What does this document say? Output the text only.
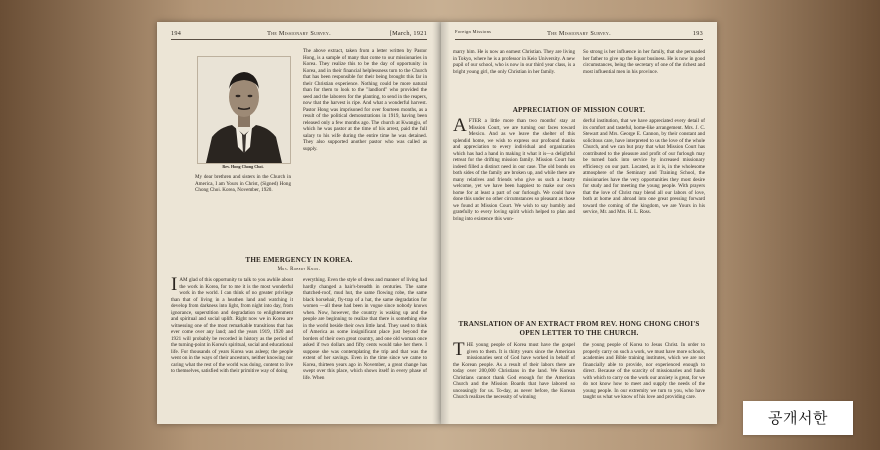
194	The Missionary Survey.	[March, 1921
Rev. Hong Chong Choi.
My dear brethren and sisters in the Church in America, I am Yours in Christ, (Signed) Hong Chong Choi. Korea, November, 1920.
The above extract, taken from a letter written by Pastor Hong, is a sample of many that come to our missionaries in Korea. They realize this to be the day of opportunity in Korea, and in their financial helplessness turn to the Church that has been responsible for their being brought this far in their Christian experience. Nothing could be more natural than for them to look to the "landlord" who provided the seed and the laborers for the planting, to send in the reapers, now that the harvest is ripe. And what a wonderful harvest. Pastor Hong was imprisoned for over fourteen months, as a result of the political demonstrations in 1919, having been released only a few months ago. The church at Kwangju, of which he was pastor at the time of his arrest, paid the full salary to his wife during the entire time he was detained. They also supported another pastor who was called as supply.
THE EMERGENCY IN KOREA.
Mrs. Robert Knox.
IAM glad of this opportunity to talk to you awhile about the work in Korea, for to me it is the most wonderful work in the world. I can think of no greater privilege than that of living in a heathen land and watching it develop from darkness into light, from night into day, from ignorance, superstition and degradation to enlightenment and spiritual and social uplift. Right now we in Korea are witnessing one of the most remarkable transitions that has ever come over any land; and the years 1919, 1920 and 1921 will probably be recorded in history as the period of the turning-point in Korea's spiritual, social and educational life. For thousands of years Korea was asleep; the people went on in the ways of their ancestors, neither knowing nor caring what the rest of the world was doing, content to live to themselves, satisfied with their primitive way of doing
everything. Even the style of dress and manner of living had hardly changed a hair's-breadth in centuries. The same thatched-roof, mud hut, the same flowing robe, the same black horsehair, fly-trap of a hat, the same degradation for women —all these had been in vogue since nobody knows when. Now, however, the country is waking up and the people are beginning to realize that there is something else in the world beside their own little land. They used to think of America as some insignificant place just beyond the borders of their own great country, and one old woman once asked if two dollars and fifty cents would take her there. I suppose she was contemplating the trip and that was the extent of her savings. Even in the time since we came to Korea, thirteen years ago in November, a great change has swept over this place, which shows itself in every phase of life. When
Foreign Missions	The Missionary Survey.	193
marry him. He is now an earnest Christian. They are living in Tokyo, where he is a professor in Keio University. A new pupil of our school, who is now in our third year class, is a bright young girl, the only Christian in her family.
So strong is her influence in her family, that she persuaded her father to give up the liquor business. He is now in good circumstances, being the secretary of one of the richest and most influential men in his province.
APPRECIATION OF MISSION COURT.
AFTER a little more than two months' stay at Mission Court, we are turning our faces toward Mexico. And as we leave the shelter of this splendid home, we wish to express our profound thanks and appreciation to every individual and organization which has had a hand in making it what it is—a delightful retreat for the drifting mission family. Mission Court has indeed filled a distinct need in our case. The old bonds on both sides of the family are broken up, and while there are many relatives and friends who give us such a hearty welcome, yet we have been happiest to make our own home for at least a part of our furlough. We could have done this under no other circumstances so pleasant as those we found at Mission Court. We wish to say humbly and gratefully to every loving spirit which helped to plan and bring into existence this won-
derful institution, that we have appreciated every detail of its comfort and tasteful, home-like arrangement. Mrs. J. C. Stewart and Mrs. George E. Cannon, by their constant and solicitous care, have interpreted to us the love of the whole Church, and we can but pray that what Mission Court has contributed to the pleasure and profit of our furlough may be turned back into service by increased missionary efficiency on our part. Located, as it is, in the wholesome atmosphere of the Seminary and Training School, the missionaries have the very opportunities they most desire for study and for meeting the young people. With prayers that the love of Christ may blend all our labors of love, both at home and abroad into one great pressing forward toward the coming of the kingdom, we are Yours in his service, Mr. and Mrs. H. L. Ross.
TRANSLATION OF AN EXTRACT FROM REV. HONG CHONG CHOI'S OPEN LETTER TO THE CHURCH.
THE young people of Korea must have the gospel given to them. It is thirty years since the American missionaries sent of God have worked in behalf of the Korean people. As a result of their labors there are today over 200,000 Christians in the land. We Korean Christians cannot thank God enough for the American Church and the Mission Boards that have labored so unceasingly for us. To-day, as never before, the Korean Church realizes the necessity of winning
the young people of Korea to Jesus Christ. In order to properly carry on such a work, we must have more schools, academies and Bible training institutes, which we are not financially able to provide, nor experienced enough to direct. Because of the scarcity of missionaries and funds with which to carry on the work our anxiety is great, for we do not know how to meet and supply the needs of the young people. In our extremity we turn to you, who have taught us what we know of his love and providing care.
공개서한
